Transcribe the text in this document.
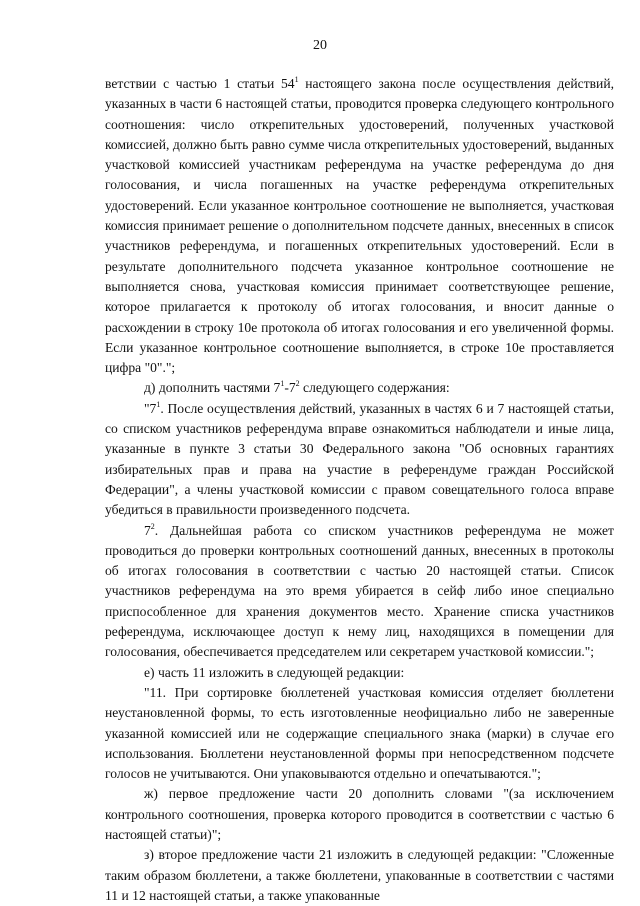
20

ветствии с частью 1 статьи $54^1$ настоящего закона после осуществления действий, указанных в части 6 настоящей статьи, проводится проверка следующего контрольного соотношения: число открепительных удостоверений, полученных участковой комиссией, должно быть равно сумме числа открепительных удостоверений, выданных участковой комиссией участникам референдума на участке референдума до дня голосования, и числа погашенных на участке референдума открепительных удостоверений. Если указанное контрольное соотношение не выполняется, участковая комиссия принимает решение о дополнительном подсчете данных, внесенных в список участников референдума, и погашенных открепительных удостоверений. Если в результате дополнительного подсчета указанное контрольное соотношение не выполняется снова, участковая комиссия принимает соответствующее решение, которое прилагается к протоколу об итогах голосования, и вносит данные о расхождении в строку 10е протокола об итогах голосования и его увеличенной формы. Если указанное контрольное соотношение выполняется, в строке 10е проставляется цифра "0".";

д) дополнить частями $7^1-7^2$ следующего содержания:

"$7^1$. После осуществления действий, указанных в частях 6 и 7 настоящей статьи, со списком участников референдума вправе ознакомиться наблюдатели и иные лица, указанные в пункте 3 статьи 30 Федерального закона "Об основных гарантиях избирательных прав и права на участие в референдуме граждан Российской Федерации", а члены участковой комиссии с правом совещательного голоса вправе убедиться в правильности произведенного подсчета.

$7^2$. Дальнейшая работа со списком участников референдума не может проводиться до проверки контрольных соотношений данных, внесенных в протоколы об итогах голосования в соответствии с частью 20 настоящей статьи. Список участников референдума на это время убирается в сейф либо иное специально приспособленное для хранения документов место. Хранение списка участников референдума, исключающее доступ к нему лиц, находящихся в помещении для голосования, обеспечивается председателем или секретарем участковой комиссии.";

е) часть 11 изложить в следующей редакции:

"11. При сортировке бюллетеней участковая комиссия отделяет бюллетени неустановленной формы, то есть изготовленные неофициально либо не заверенные указанной комиссией или не содержащие специального знака (марки) в случае его использования. Бюллетени неустановленной формы при непосредственном подсчете голосов не учитываются. Они упаковываются отдельно и опечатываются.";

ж) первое предложение части 20 дополнить словами "(за исключением контрольного соотношения, проверка которого проводится в соответствии с частью 6 настоящей статьи)";

з) второе предложение части 21 изложить в следующей редакции: "Сложенные таким образом бюллетени, а также бюллетени, упакованные в соответствии с частями 11 и 12 настоящей статьи, а также упакованные
